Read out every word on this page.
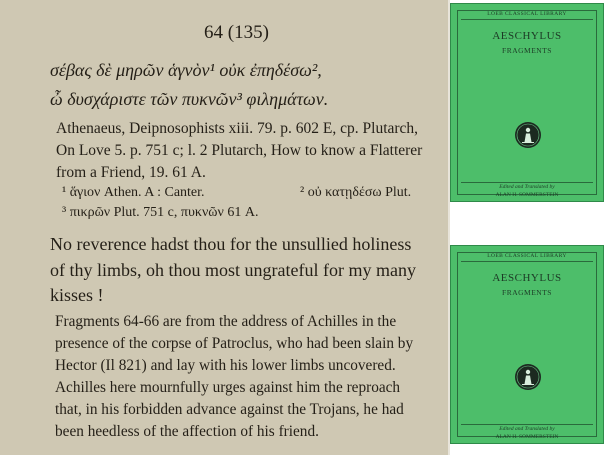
64 (135)
σέβας δὲ μηρῶν ἁγνὸν¹ οὐκ ἐπηδέσω²,
ὦ δυσχάριστε τῶν πυκνῶν³ φιλημάτων.
Athenaeus, Deipnosophists xiii. 79. p. 602 E, cp. Plutarch,
On Love 5. p. 751 c; l. 2 Plutarch, How to know a Flatterer
from a Friend, 19. 61 A.
¹ ἅγιον Athen. A : Canter.	² οὐ κατῃδέσω Plut.
³ πικρῶν Plut. 751 c, πυκνῶν 61 A.
No reverence hadst thou for the unsullied holiness
of thy limbs, oh thou most ungrateful for my many
kisses !
Fragments 64-66 are from the address of Achilles in the
presence of the corpse of Patroclus, who had been slain by
Hector (Il 821) and lay with his lower limbs uncovered.
Achilles here mournfully urges against him the reproach
that, in his forbidden advance against the Trojans, he had
been heedless of the affection of his friend.
LOEB CLASSICAL LIBRARY
AESCHYLUS
FRAGMENTS
Edited and Translated by
ALAN H. SOMMERSTEIN
LOEB CLASSICAL LIBRARY
AESCHYLUS
FRAGMENTS
Edited and Translated by
ALAN H. SOMMERSTEIN
